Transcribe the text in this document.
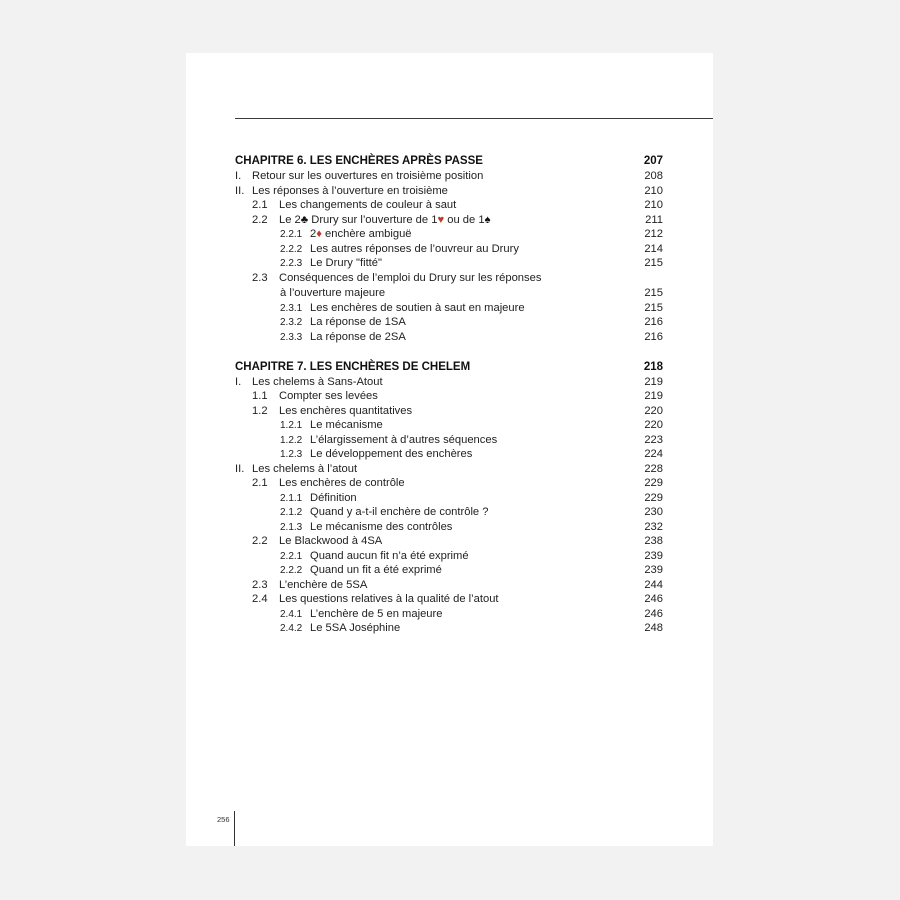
CHAPITRE 6. LES ENCHÈRES APRÈS PASSE	207
I. Retour sur les ouvertures en troisième position	208
II. Les réponses à l’ouverture en troisième	210
2.1 Les changements de couleur à saut	210
2.2 Le 2♣ Drury sur l’ouverture de 1♥ ou de 1♠	211
2.2.1 2♦ enchère ambiguë	212
2.2.2 Les autres réponses de l’ouvreur au Drury	214
2.2.3 Le Drury "fitté"	215
2.3 Conséquences de l’emploi du Drury sur les réponses
à l’ouverture majeure	215
2.3.1 Les enchères de soutien à saut en majeure	215
2.3.2 La réponse de 1SA	216
2.3.3 La réponse de 2SA	216
CHAPITRE 7. LES ENCHÈRES DE CHELEM	218
I. Les chelems à Sans-Atout	219
1.1 Compter ses levées	219
1.2 Les enchères quantitatives	220
1.2.1 Le mécanisme	220
1.2.2 L’élargissement à d’autres séquences	223
1.2.3 Le développement des enchères	224
II. Les chelems à l’atout	228
2.1 Les enchères de contrôle	229
2.1.1 Définition	229
2.1.2 Quand y a-t-il enchère de contrôle ?	230
2.1.3 Le mécanisme des contrôles	232
2.2 Le Blackwood à 4SA	238
2.2.1 Quand aucun fit n’a été exprimé	239
2.2.2 Quand un fit a été exprimé	239
2.3 L’enchère de 5SA	244
2.4 Les questions relatives à la qualité de l’atout	246
2.4.1 L’enchère de 5 en majeure	246
2.4.2 Le 5SA Joséphine	248
256
